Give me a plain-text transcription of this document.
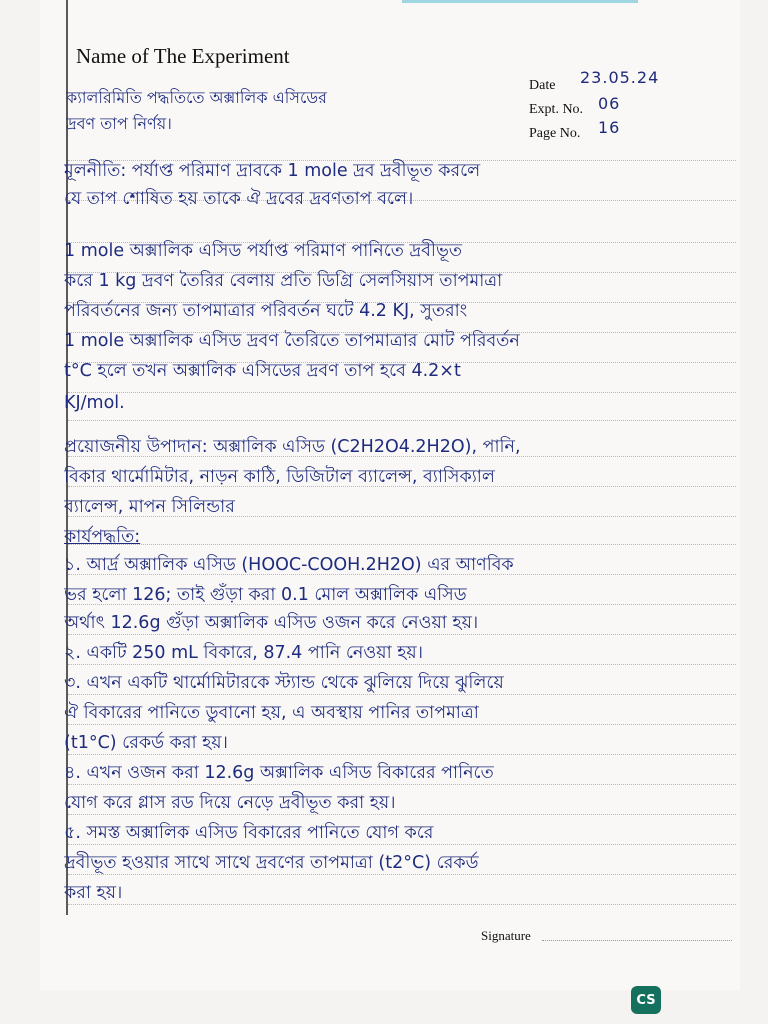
Name of The Experiment
ক্যালরিমিতি পদ্ধতিতে অক্সালিক এসিডের
দ্রবণ তাপ নির্ণয়।
Date 23.05.24
Expt. No. 06
Page No. 16
মূলনীতি: পর্যাপ্ত পরিমাণ দ্রাবকে 1 mole দ্রব দ্রবীভূত করলে
যে তাপ শোষিত হয় তাকে ঐ দ্রবের দ্রবণতাপ বলে।
1 mole অক্সালিক এসিড পর্যাপ্ত পরিমাণ পানিতে দ্রবীভূত
করে 1 kg দ্রবণ তৈরির বেলায় প্রতি ডিগ্রি সেলসিয়াস তাপমাত্রা
পরিবর্তনের জন্য তাপমাত্রার পরিবর্তন ঘটে 4.2 KJ, সুতরাং
1 mole অক্সালিক এসিড দ্রবণ তৈরিতে তাপমাত্রার মোট পরিবর্তন
t°C হলে তখন অক্সালিক এসিডের দ্রবণ তাপ হবে 4.2×t
KJ/mol.
প্রয়োজনীয় উপাদান: অক্সালিক এসিড (C2H2O4.2H2O), পানি,
বিকার থার্মোমিটার, নাড়ন কাঠি, ডিজিটাল ব্যালেন্স, ব্যাসিক্যাল
ব্যালেন্স, মাপন সিলিন্ডার
কার্যপদ্ধতি:
১. আর্দ্র অক্সালিক এসিড (HOOC-COOH.2H2O) এর আণবিক
ভর হলো 126; তাই গুঁড়া করা 0.1 মোল অক্সালিক এসিড
অর্থাৎ 12.6g গুঁড়া অক্সালিক এসিড ওজন করে নেওয়া হয়।
২. একটি 250 mL বিকারে, 87.4 পানি নেওয়া হয়।
৩. এখন একটি থার্মোমিটারকে স্ট্যান্ড থেকে ঝুলিয়ে দিয়ে ঝুলিয়ে
ঐ বিকারের পানিতে ডুবানো হয়, এ অবস্থায় পানির তাপমাত্রা
(t1°C) রেকর্ড করা হয়।
৪. এখন ওজন করা 12.6g অক্সালিক এসিড বিকারের পানিতে
যোগ করে গ্লাস রড দিয়ে নেড়ে দ্রবীভূত করা হয়।
৫. সমস্ত অক্সালিক এসিড বিকারের পানিতে যোগ করে
দ্রবীভূত হওয়ার সাথে সাথে দ্রবণের তাপমাত্রা (t2°C) রেকর্ড
করা হয়।
Signature
CS
